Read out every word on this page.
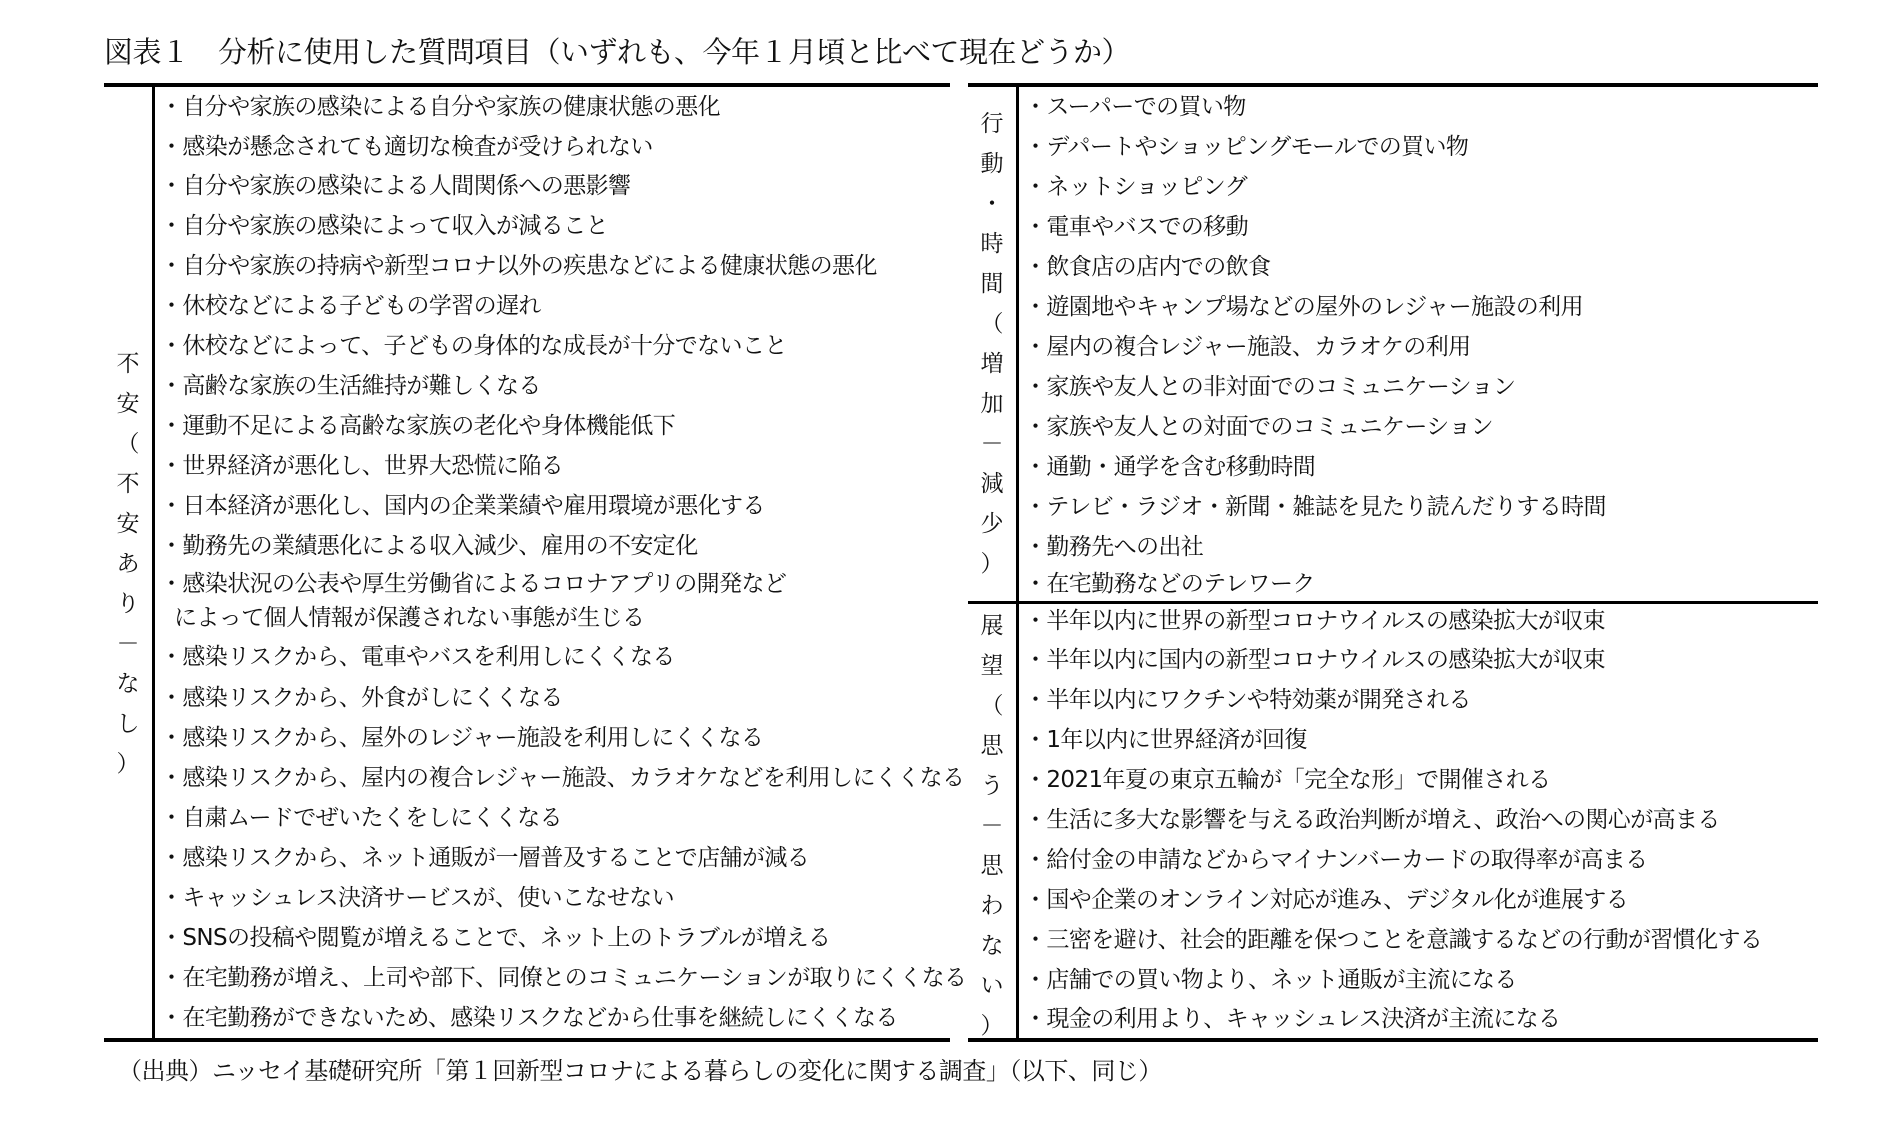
図表１　分析に使用した質問項目（いずれも、今年１月頃と比べて現在どうか）
不
安
（
不
安
あ
り
－
な
し
）
・自分や家族の感染による自分や家族の健康状態の悪化
・感染が懸念されても適切な検査が受けられない
・自分や家族の感染による人間関係への悪影響
・自分や家族の感染によって収入が減ること
・自分や家族の持病や新型コロナ以外の疾患などによる健康状態の悪化
・休校などによる子どもの学習の遅れ
・休校などによって、子どもの身体的な成長が十分でないこと
・高齢な家族の生活維持が難しくなる
・運動不足による高齢な家族の老化や身体機能低下
・世界経済が悪化し、世界大恐慌に陥る
・日本経済が悪化し、国内の企業業績や雇用環境が悪化する
・勤務先の業績悪化による収入減少、雇用の不安定化
・感染状況の公表や厚生労働省によるコロナアプリの開発など
によって個人情報が保護されない事態が生じる
・感染リスクから、電車やバスを利用しにくくなる
・感染リスクから、外食がしにくくなる
・感染リスクから、屋外のレジャー施設を利用しにくくなる
・感染リスクから、屋内の複合レジャー施設、カラオケなどを利用しにくくなる
・自粛ムードでぜいたくをしにくくなる
・感染リスクから、ネット通販が一層普及することで店舗が減る
・キャッシュレス決済サービスが、使いこなせない
・SNSの投稿や閲覧が増えることで、ネット上のトラブルが増える
・在宅勤務が増え、上司や部下、同僚とのコミュニケーションが取りにくくなる
・在宅勤務ができないため、感染リスクなどから仕事を継続しにくくなる
行
動
・
時
間
（
増
加
－
減
少
）
展
望
（
思
う
－
思
わ
な
い
）
・スーパーでの買い物
・デパートやショッピングモールでの買い物
・ネットショッピング
・電車やバスでの移動
・飲食店の店内での飲食
・遊園地やキャンプ場などの屋外のレジャー施設の利用
・屋内の複合レジャー施設、カラオケの利用
・家族や友人との非対面でのコミュニケーション
・家族や友人との対面でのコミュニケーション
・通勤・通学を含む移動時間
・テレビ・ラジオ・新聞・雑誌を見たり読んだりする時間
・勤務先への出社
・在宅勤務などのテレワーク
・半年以内に世界の新型コロナウイルスの感染拡大が収束
・半年以内に国内の新型コロナウイルスの感染拡大が収束
・半年以内にワクチンや特効薬が開発される
・1年以内に世界経済が回復
・2021年夏の東京五輪が「完全な形」で開催される
・生活に多大な影響を与える政治判断が増え、政治への関心が高まる
・給付金の申請などからマイナンバーカードの取得率が高まる
・国や企業のオンライン対応が進み、デジタル化が進展する
・三密を避け、社会的距離を保つことを意識するなどの行動が習慣化する
・店舗での買い物より、ネット通販が主流になる
・現金の利用より、キャッシュレス決済が主流になる
（出典）ニッセイ基礎研究所「第１回新型コロナによる暮らしの変化に関する調査」（以下、同じ）
